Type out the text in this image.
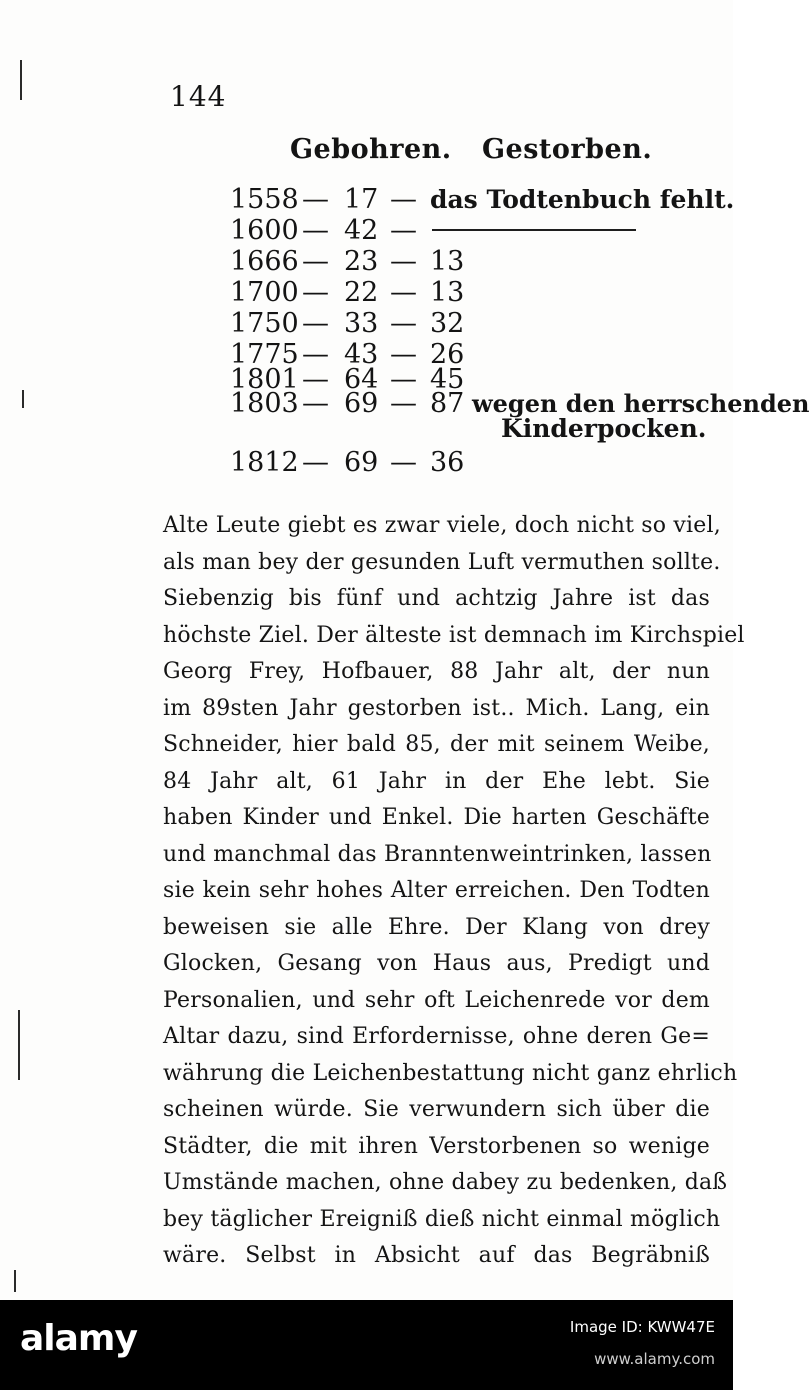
144
Gebohren. Gestorben.
1558 — 17 — das Todtenbuch fehlt.
1600 — 42 —
1666 — 23 — 13
1700 — 22 — 13
1750 — 33 — 32
1775 — 43 — 26
1801 — 64 — 45
1803 — 69 — 87 wegen den herrschenden
1812 — 69 — 36
Kinderpocken.
Alte Leute giebt es zwar viele, doch nicht so viel,
als man bey der gesunden Luft vermuthen sollte.
Siebenzig bis fünf und achtzig Jahre ist das
höchste Ziel. Der älteste ist demnach im Kirchspiel
Georg Frey, Hofbauer, 88 Jahr alt, der nun
im 89sten Jahr gestorben ist.. Mich. Lang, ein
Schneider, hier bald 85, der mit seinem Weibe,
84 Jahr alt, 61 Jahr in der Ehe lebt. Sie
haben Kinder und Enkel. Die harten Geschäfte
und manchmal das Branntenweintrinken, lassen
sie kein sehr hohes Alter erreichen. Den Todten
beweisen sie alle Ehre. Der Klang von drey
Glocken, Gesang von Haus aus, Predigt und
Personalien, und sehr oft Leichenrede vor dem
Altar dazu, sind Erfordernisse, ohne deren Ge=
währung die Leichenbestattung nicht ganz ehrlich
scheinen würde. Sie verwundern sich über die
Städter, die mit ihren Verstorbenen so wenige
Umstände machen, ohne dabey zu bedenken, daß
bey täglicher Ereigniß dieß nicht einmal möglich
wäre. Selbst in Absicht auf das Begräbniß
alamy	Image ID: KWW47E
www.alamy.com
